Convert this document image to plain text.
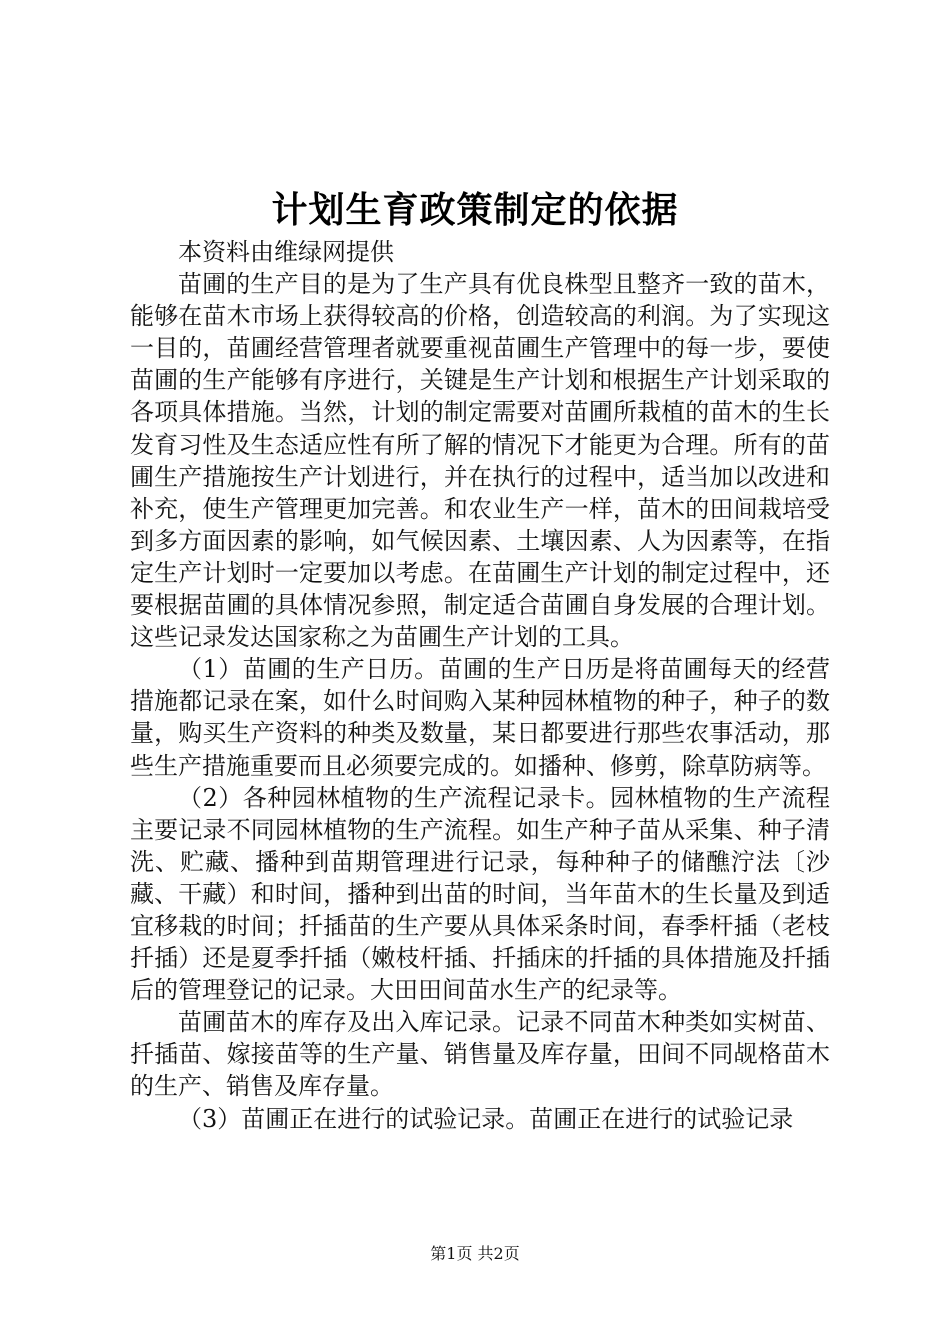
计划生育政策制定的依据

本资料由维绿网提供

苗圃的生产目的是为了生产具有优良株型且整齐一致的苗木，能够在苗木市场上获得较高的价格，创造较高的利润。为了实现这一目的，苗圃经营管理者就要重视苗圃生产管理中的每一步，要使苗圃的生产能够有序进行，关键是生产计划和根据生产计划采取的各项具体措施。当然，计划的制定需要对苗圃所栽植的苗木的生长发育习性及生态适应性有所了解的情况下才能更为合理。所有的苗圃生产措施按生产计划进行，并在执行的过程中，适当加以改进和补充，使生产管理更加完善。和农业生产一样，苗木的田间栽培受到多方面因素的影响，如气候因素、土壤因素、人为因素等，在指定生产计划时一定要加以考虑。在苗圃生产计划的制定过程中，还要根据苗圃的具体情况参照，制定适合苗圃自身发展的合理计划。这些记录发达国家称之为苗圃生产计划的工具。

（1）苗圃的生产日历。苗圃的生产日历是将苗圃每天的经营措施都记录在案，如什么时间购入某种园林植物的种子，种子的数量，购买生产资料的种类及数量，某日都要进行那些农事活动，那些生产措施重要而且必须要完成的。如播种、修剪，除草防病等。

（2）各种园林植物的生产流程记录卡。园林植物的生产流程主要记录不同园林植物的生产流程。如生产种子苗从采集、种子清洗、贮藏、播种到苗期管理进行记录，每种种子的储醮泞法〔沙藏、干藏）和时间，播种到出苗的时间，当年苗木的生长量及到适宜移栽的时间；扦插苗的生产要从具体采条时间，春季杆插（老枝扦插）还是夏季扦插（嫩枝杆插、扦插床的扦插的具体措施及扦插后的管理登记的记录。大田田间苗水生产的纪录等。

苗圃苗木的库存及出入库记录。记录不同苗木种类如实树苗、扦插苗、嫁接苗等的生产量、销售量及库存量，田间不同觇格苗木的生产、销售及库存量。

（3）苗圃正在进行的试验记录。苗圃正在进行的试验记录

第1页 共2页
